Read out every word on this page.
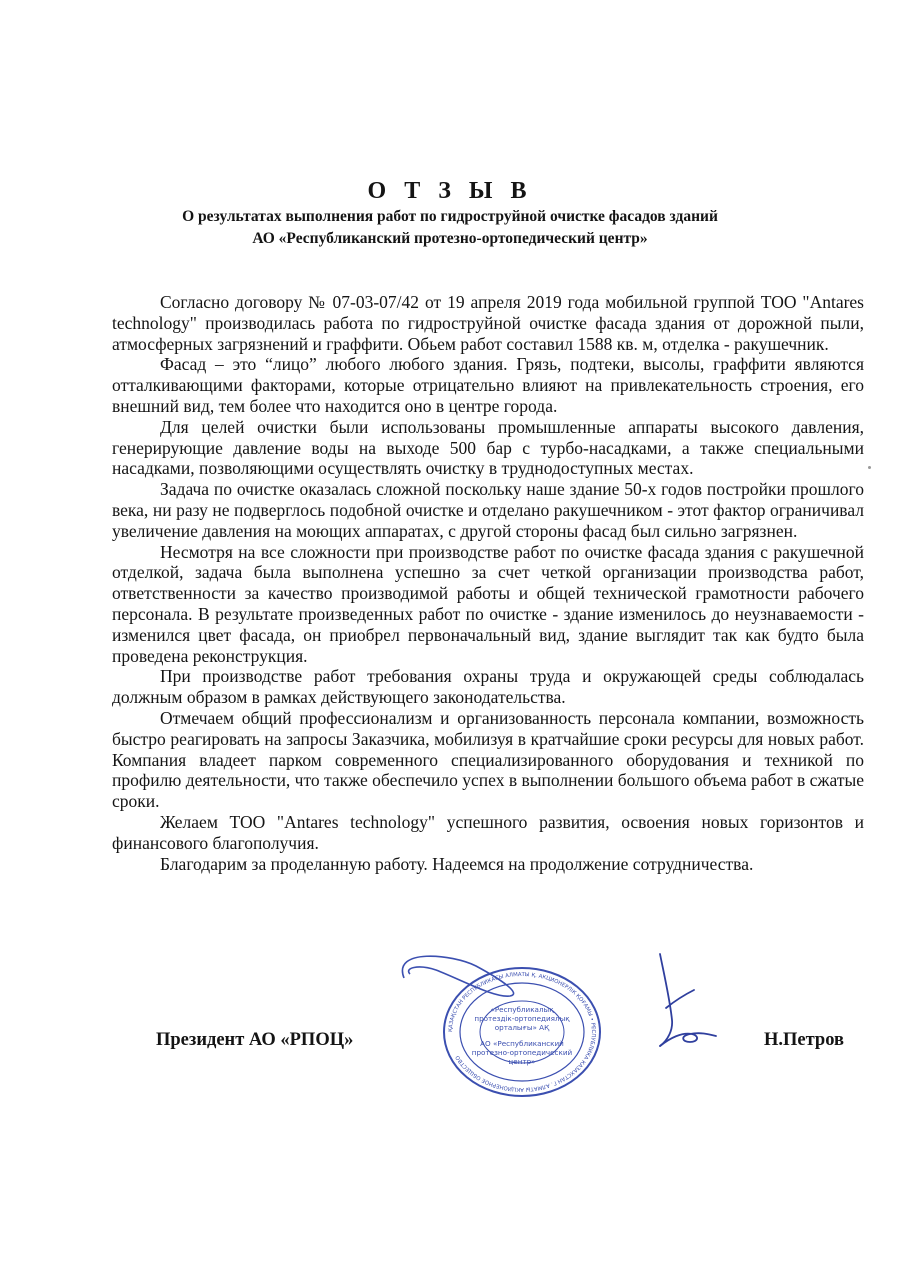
О Т З Ы В

О результатах выполнения работ по гидроструйной очистке фасадов зданий

АО «Республиканский протезно-ортопедический центр»

Согласно договору № 07-03-07/42 от 19 апреля 2019 года мобильной группой ТОО "Antares technology" производилась работа по гидроструйной очистке фасада здания от дорожной пыли, атмосферных загрязнений и граффити. Обьем работ составил 1588 кв. м, отделка - ракушечник.

Фасад – это “лицо” любого любого здания. Грязь, подтеки, высолы, граффити являются отталкивающими факторами, которые отрицательно влияют на привлекательность строения, его внешний вид, тем более что находится оно в центре города.

Для целей очистки были использованы промышленные аппараты высокого давления, генерирующие давление воды на выходе 500 бар с турбо-насадками, а также специальными насадками, позволяющими осуществлять очистку в труднодоступных местах.

Задача по очистке оказалась сложной поскольку наше здание 50-х годов постройки прошлого века, ни разу не подверглось подобной очистке и отделано ракушечником - этот фактор ограничивал увеличение давления на моющих аппаратах, с другой стороны фасад был сильно загрязнен.

Несмотря на все сложности при производстве работ по очистке фасада здания с ракушечной отделкой, задача была выполнена успешно за счет четкой организации производства работ, ответственности за качество производимой работы и общей технической грамотности рабочего персонала. В результате произведенных работ по очистке - здание изменилось до неузнаваемости - изменился цвет фасада, он приобрел первоначальный вид, здание выглядит так как будто была проведена реконструкция.

При производстве работ требования охраны труда и окружающей среды соблюдалась должным образом в рамках действующего законодательства.

Отмечаем общий профессионализм и организованность персонала компании, возможность быстро реагировать на запросы Заказчика, мобилизуя в кратчайшие сроки ресурсы для новых работ. Компания владеет парком современного специализированного оборудования и техникой по профилю деятельности, что также обеспечило успех в выполнении большого объема работ в сжатые сроки.

Желаем ТОО "Antares technology" успешного развития, освоения новых горизонтов и финансового благополучия.

Благодарим за проделанную работу. Надеемся на продолжение сотрудничества.

Президент АО «РПОЦ»
«Республикалық
протездік-ортопедиялық
орталығы» АҚ
АО «Республиканский
протезно-ортопедический
центр»
ҚАЗАҚСТАН РЕСПУБЛИКАСЫ АЛМАТЫ Қ. АКЦИОНЕРЛІК ҚОҒАМЫ • РЕСПУБЛИКА КАЗАХСТАН Г. АЛМАТЫ АКЦИОНЕРНОЕ ОБЩЕСТВО
Н.Петров
